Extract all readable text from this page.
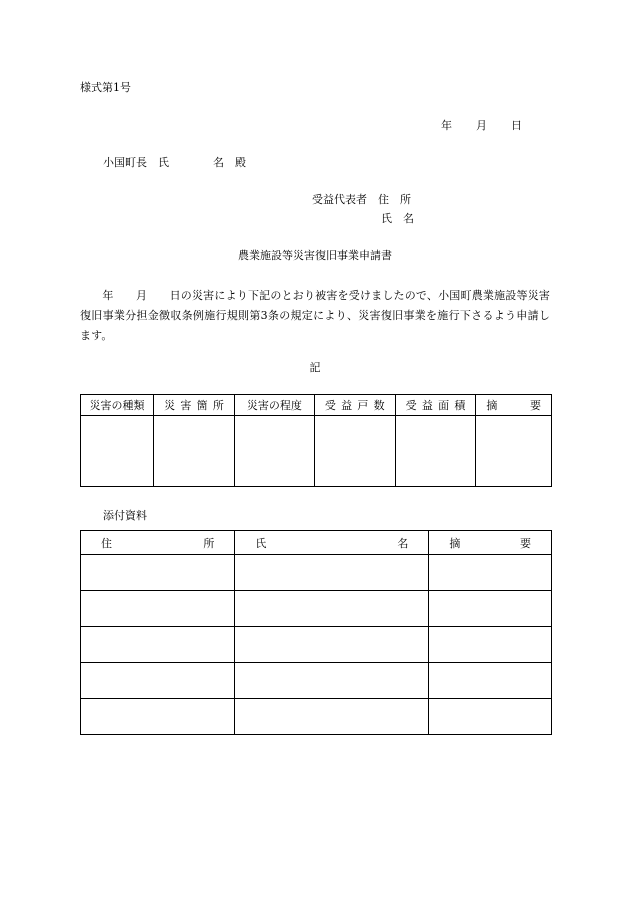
様式第1号
年 月 日
小国町長　氏　　　　名　殿
受益代表者　住　所
氏　名
農業施設等災害復旧事業申請書
　　年　　月　　日の災害により下記のとおり被害を受けましたので、小国町農業施設等災害復旧事業分担金徴収条例施行規則第3条の規定により、災害復旧事業を施行下さるよう申請します。
記
災害の種類	災 害 箇 所	災害の程度	受 益 戸 数	受 益 面 積	摘 要

添付資料
住 所	氏 名	摘 要
